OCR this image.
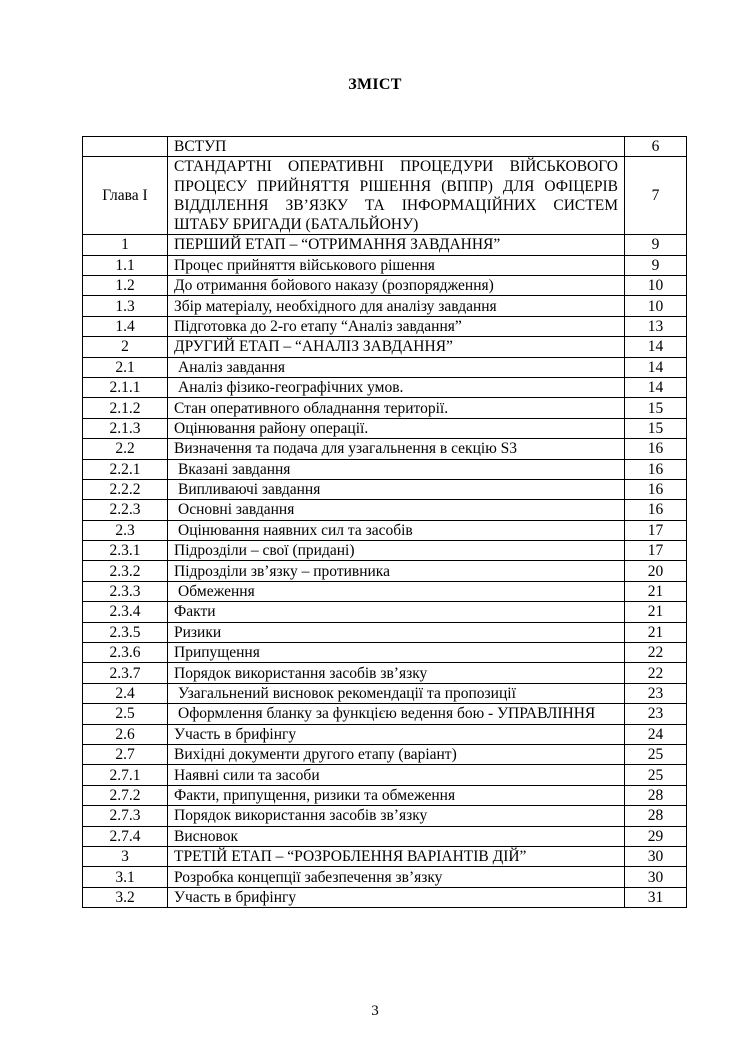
ЗМІСТ
	ВСТУП	6
Глава І	СТАНДАРТНІ ОПЕРАТИВНІ ПРОЦЕДУРИ ВІЙСЬКОВОГО ПРОЦЕСУ ПРИЙНЯТТЯ РІШЕННЯ (ВППР) ДЛЯ ОФІЦЕРІВ ВІДДІЛЕННЯ ЗВ’ЯЗКУ ТА ІНФОРМАЦІЙНИХ СИСТЕМ ШТАБУ БРИГАДИ (БАТАЛЬЙОНУ)	7
1	ПЕРШИЙ ЕТАП – “ОТРИМАННЯ ЗАВДАННЯ”	9
1.1	Процес прийняття військового рішення	9
1.2	До отримання бойового наказу (розпорядження)	10
1.3	Збір матеріалу, необхідного для аналізу завдання	10
1.4	Підготовка до 2-го етапу “Аналіз завдання”	13
2	ДРУГИЙ ЕТАП – “АНАЛІЗ ЗАВДАННЯ”	14
2.1	Аналіз завдання	14
2.1.1	Аналіз фізико-географічних умов.	14
2.1.2	Стан оперативного обладнання території.	15
2.1.3	Оцінювання району операції.	15
2.2	Визначення та подача для узагальнення в секцію S3	16
2.2.1	Вказані завдання	16
2.2.2	Випливаючі завдання	16
2.2.3	Основні завдання	16
2.3	Оцінювання наявних сил та засобів	17
2.3.1	Підрозділи – свої (придані)	17
2.3.2	Підрозділи зв’язку – противника	20
2.3.3	Обмеження	21
2.3.4	Факти	21
2.3.5	Ризики	21
2.3.6	Припущення	22
2.3.7	Порядок використання засобів зв’язку	22
2.4	Узагальнений висновок рекомендації та пропозиції	23
2.5	Оформлення бланку за функцією ведення бою - УПРАВЛІННЯ	23
2.6	Участь в брифінгу	24
2.7	Вихідні документи другого етапу (варіант)	25
2.7.1	Наявні сили та засоби	25
2.7.2	Факти, припущення, ризики та обмеження	28
2.7.3	Порядок використання засобів зв’язку	28
2.7.4	Висновок	29
3	ТРЕТІЙ ЕТАП – “РОЗРОБЛЕННЯ ВАРІАНТІВ ДІЙ”	30
3.1	Розробка концепції забезпечення зв’язку	30
3.2	Участь в брифінгу	31
3
